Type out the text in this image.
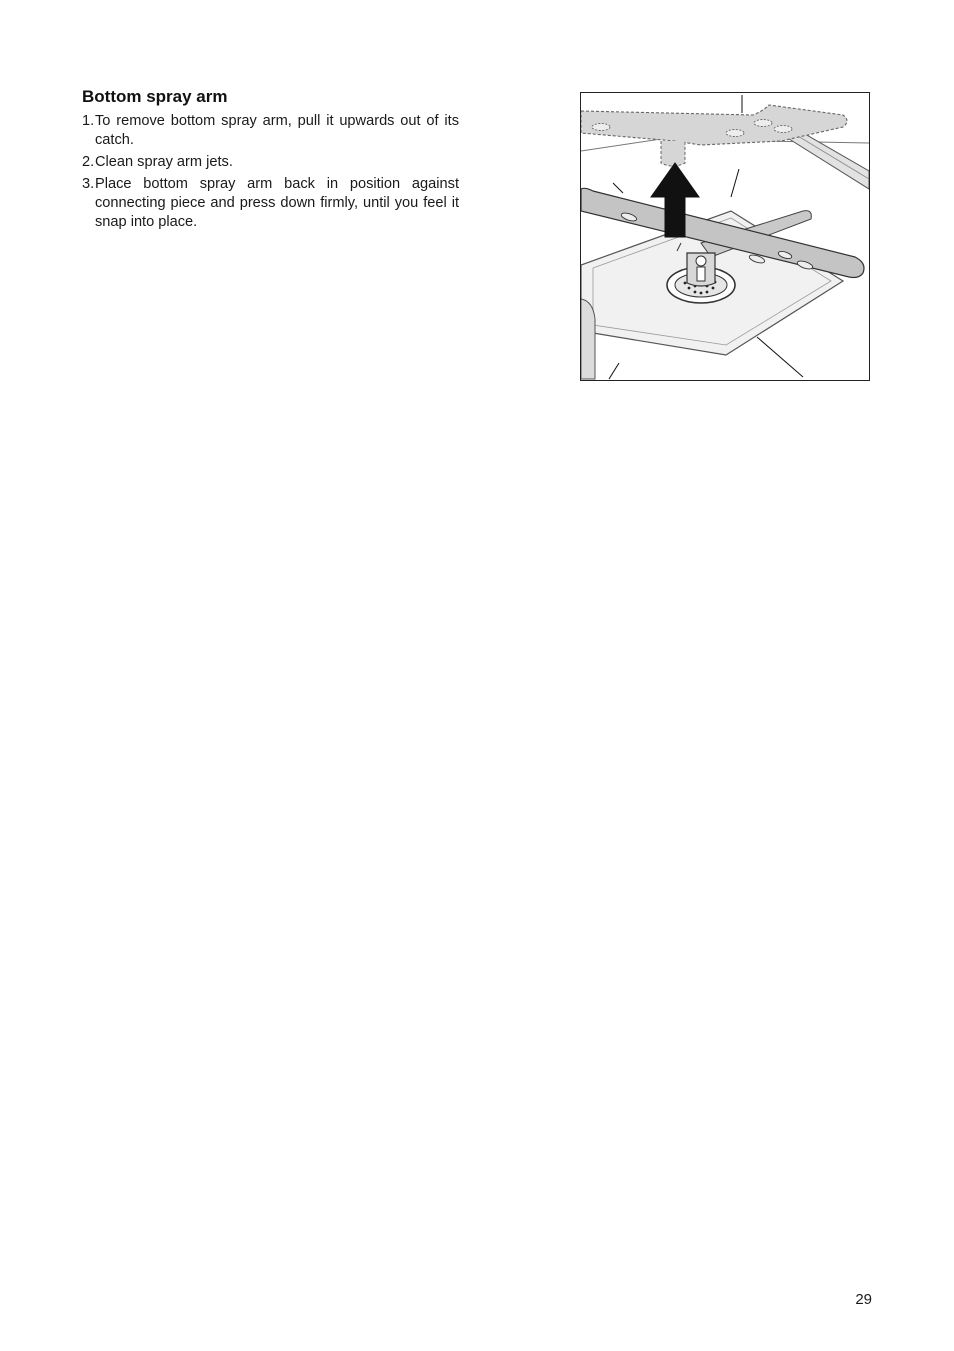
Bottom spray arm
1. To remove bottom spray arm, pull it upwards out of its catch.
2. Clean spray arm jets.
3. Place bottom spray arm back in position against connecting piece and press down firmly, until you feel it snap into place.
29
